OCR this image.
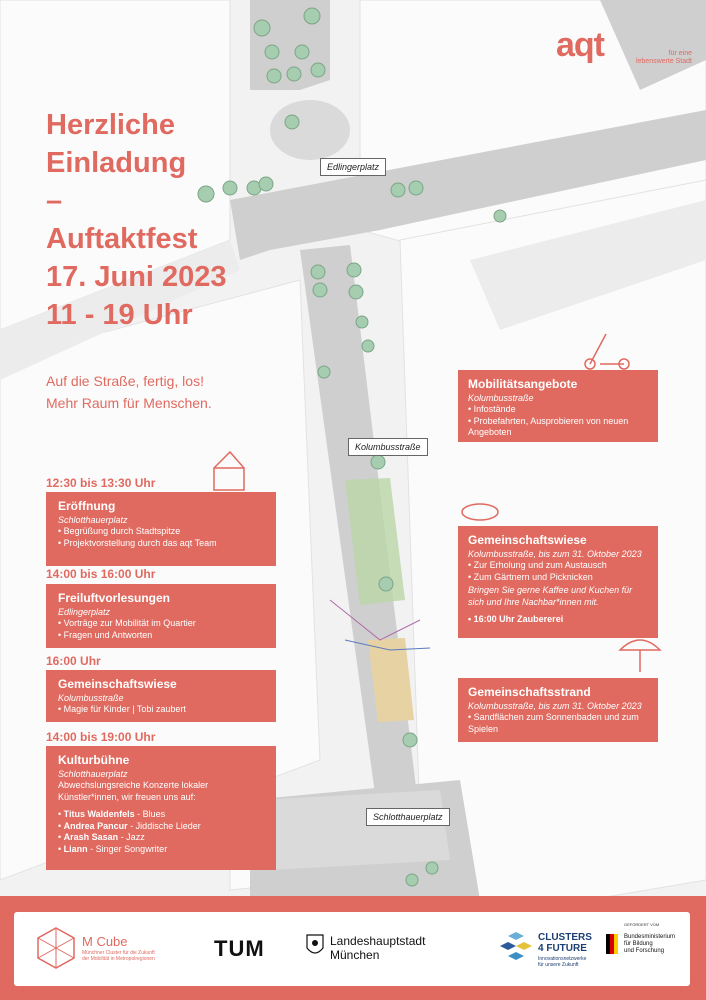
aqt	für eine
lebenswerte Stadt
Herzliche
Einladung
–
Auftaktfest
17. Juni 2023
11 - 19 Uhr
Auf die Straße, fertig, los!
Mehr Raum für Menschen.
Edlingerplatz
Kolumbusstraße
Schlotthauerplatz
12:30 bis 13:30 Uhr
Eröffnung
Schlotthauerplatz
• Begrüßung durch Stadtspitze
• Projektvorstellung durch das aqt Team
14:00 bis 16:00 Uhr
Freiluftvorlesungen
Edlingerplatz
• Vorträge zur Mobilität im Quartier
• Fragen und Antworten
16:00 Uhr
Gemeinschaftswiese
Kolumbusstraße
• Magie für Kinder | Tobi zaubert
14:00 bis 19:00 Uhr
Kulturbühne
Schlotthauerplatz
Abwechslungsreiche Konzerte lokaler
Künstler*innen, wir freuen uns auf:
• Titus Waldenfels - Blues
• Andrea Pancur - Jiddische Lieder
• Arash Sasan - Jazz
• Liann - Singer Songwriter
Mobilitätsangebote
Kolumbusstraße
• Infostände
• Probefahrten, Ausprobieren von neuen Angeboten
Gemeinschaftswiese
Kolumbusstraße, bis zum 31. Oktober 2023
• Zur Erholung und zum Austausch
• Zum Gärtnern und Picknicken
Bringen Sie gerne Kaffee und Kuchen für sich und Ihre Nachbar*innen mit.
• 16:00 Uhr Zaubererei
Gemeinschaftsstrand
Kolumbusstraße, bis zum 31. Oktober 2023
• Sandflächen zum Sonnenbaden und zum Spielen
M Cube
Münchner Cluster für die Zukunft
der Mobilität in Metropolregionen	TUM	Landeshauptstadt
München
CLUSTERS
4 FUTURE
Innovationsnetzwerke
für unsere Zukunft
GEFÖRDERT VOM
Bundesministerium
für Bildung
und Forschung
